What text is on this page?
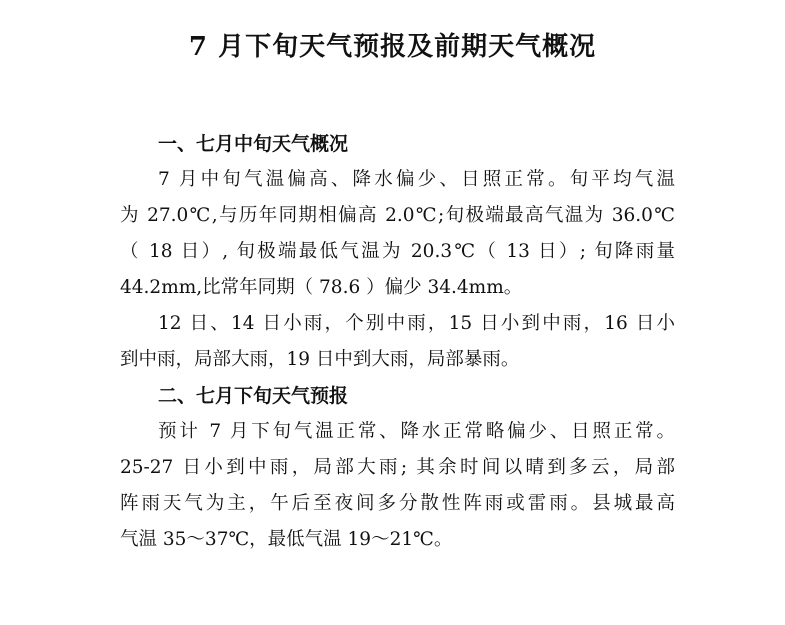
7 月下旬天气预报及前期天气概况
一、七月中旬天气概况
7 月中旬气温偏高、降水偏少、日照正常。旬平均气温
为 27.0℃,与历年同期相偏高 2.0℃;旬极端最高气温为 36.0℃
（ 18 日）, 旬极端最低气温为 20.3℃（ 13 日）; 旬降雨量
44.2mm,比常年同期（ 78.6 ）偏少 34.4mm。
12 日、14 日小雨，个别中雨，15 日小到中雨，16 日小
到中雨，局部大雨，19 日中到大雨，局部暴雨。
二、七月下旬天气预报
预计 7 月下旬气温正常、降水正常略偏少、日照正常。
25-27 日小到中雨，局部大雨; 其余时间以晴到多云，局部
阵雨天气为主，午后至夜间多分散性阵雨或雷雨。县城最高
气温 35～37℃，最低气温 19～21℃。
